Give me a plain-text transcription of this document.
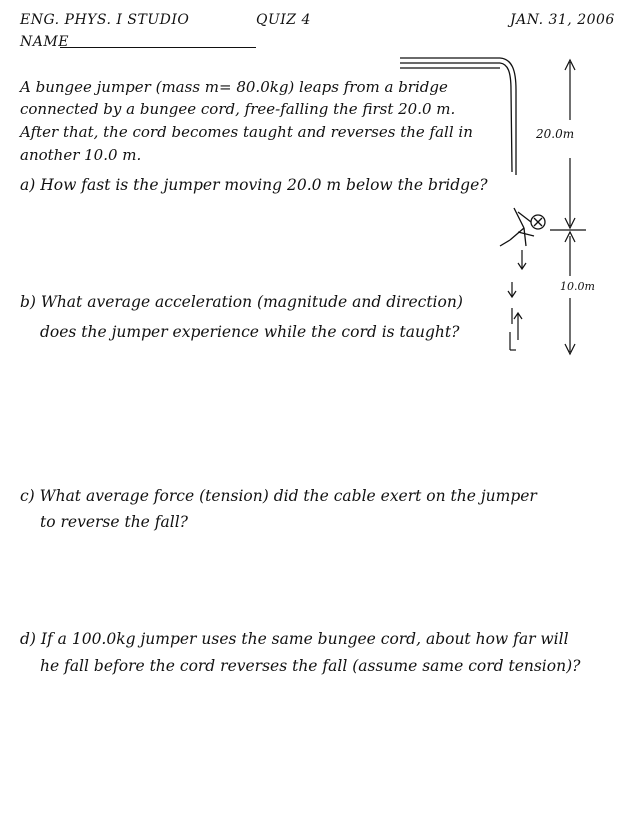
ENG. PHYS. I STUDIO	QUIZ 4	JAN. 31, 2006
NAME
A bungee jumper (mass m= 80.0kg) leaps from a bridge
connected by a bungee cord, free-falling the first 20.0 m.
After that, the cord becomes taught and reverses the fall in
another 10.0 m.
a) How fast is the jumper moving 20.0 m below the bridge?
b) What average acceleration (magnitude and direction)
does the jumper experience while the cord is taught?
c) What average force (tension) did the cable exert on the jumper
to reverse the fall?
d) If a 100.0kg jumper uses the same bungee cord, about how far will
he fall before the cord reverses the fall (assume same cord tension)?
20.0m
10.0m
